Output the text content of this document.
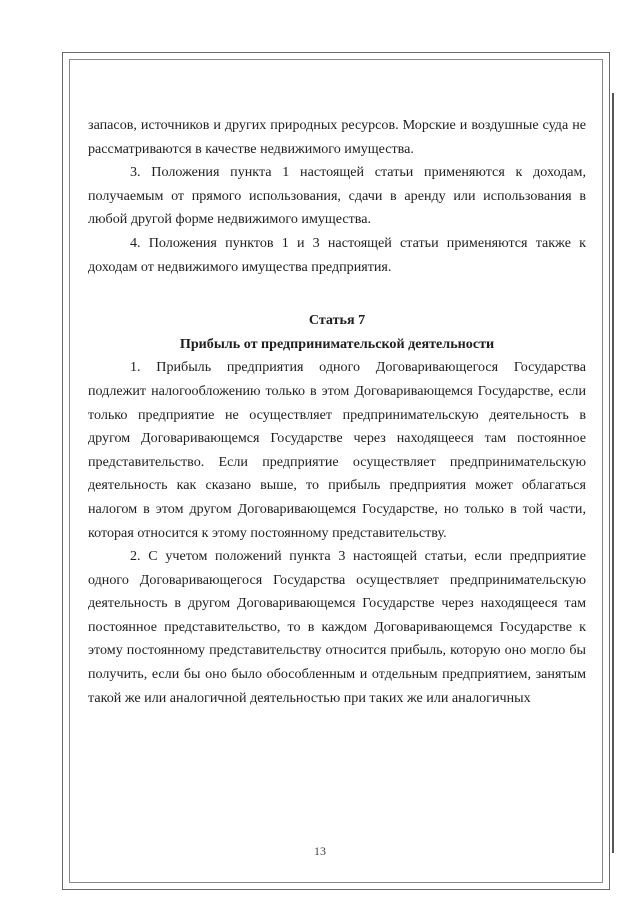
запасов, источников и других природных ресурсов. Морские и воздушные суда не рассматриваются в качестве недвижимого имущества.

3. Положения пункта 1 настоящей статьи применяются к доходам, получаемым от прямого использования, сдачи в аренду или использования в любой другой форме недвижимого имущества.

4. Положения пунктов 1 и 3 настоящей статьи применяются также к доходам от недвижимого имущества предприятия.

Статья 7

Прибыль от предпринимательской деятельности

1. Прибыль предприятия одного Договаривающегося Государства подлежит налогообложению только в этом Договаривающемся Государстве, если только предприятие не осуществляет предпринимательскую деятельность в другом Договаривающемся Государстве через находящееся там постоянное представительство. Если предприятие осуществляет предпринимательскую деятельность как сказано выше, то прибыль предприятия может облагаться налогом в этом другом Договаривающемся Государстве, но только в той части, которая относится к этому постоянному представительству.

2. С учетом положений пункта 3 настоящей статьи, если предприятие одного Договаривающегося Государства осуществляет предпринимательскую деятельность в другом Договаривающемся Государстве через находящееся там постоянное представительство, то в каждом Договаривающемся Государстве к этому постоянному представительству относится прибыль, которую оно могло бы получить, если бы оно было обособленным и отдельным предприятием, занятым такой же или аналогичной деятельностью при таких же или аналогичных

13
